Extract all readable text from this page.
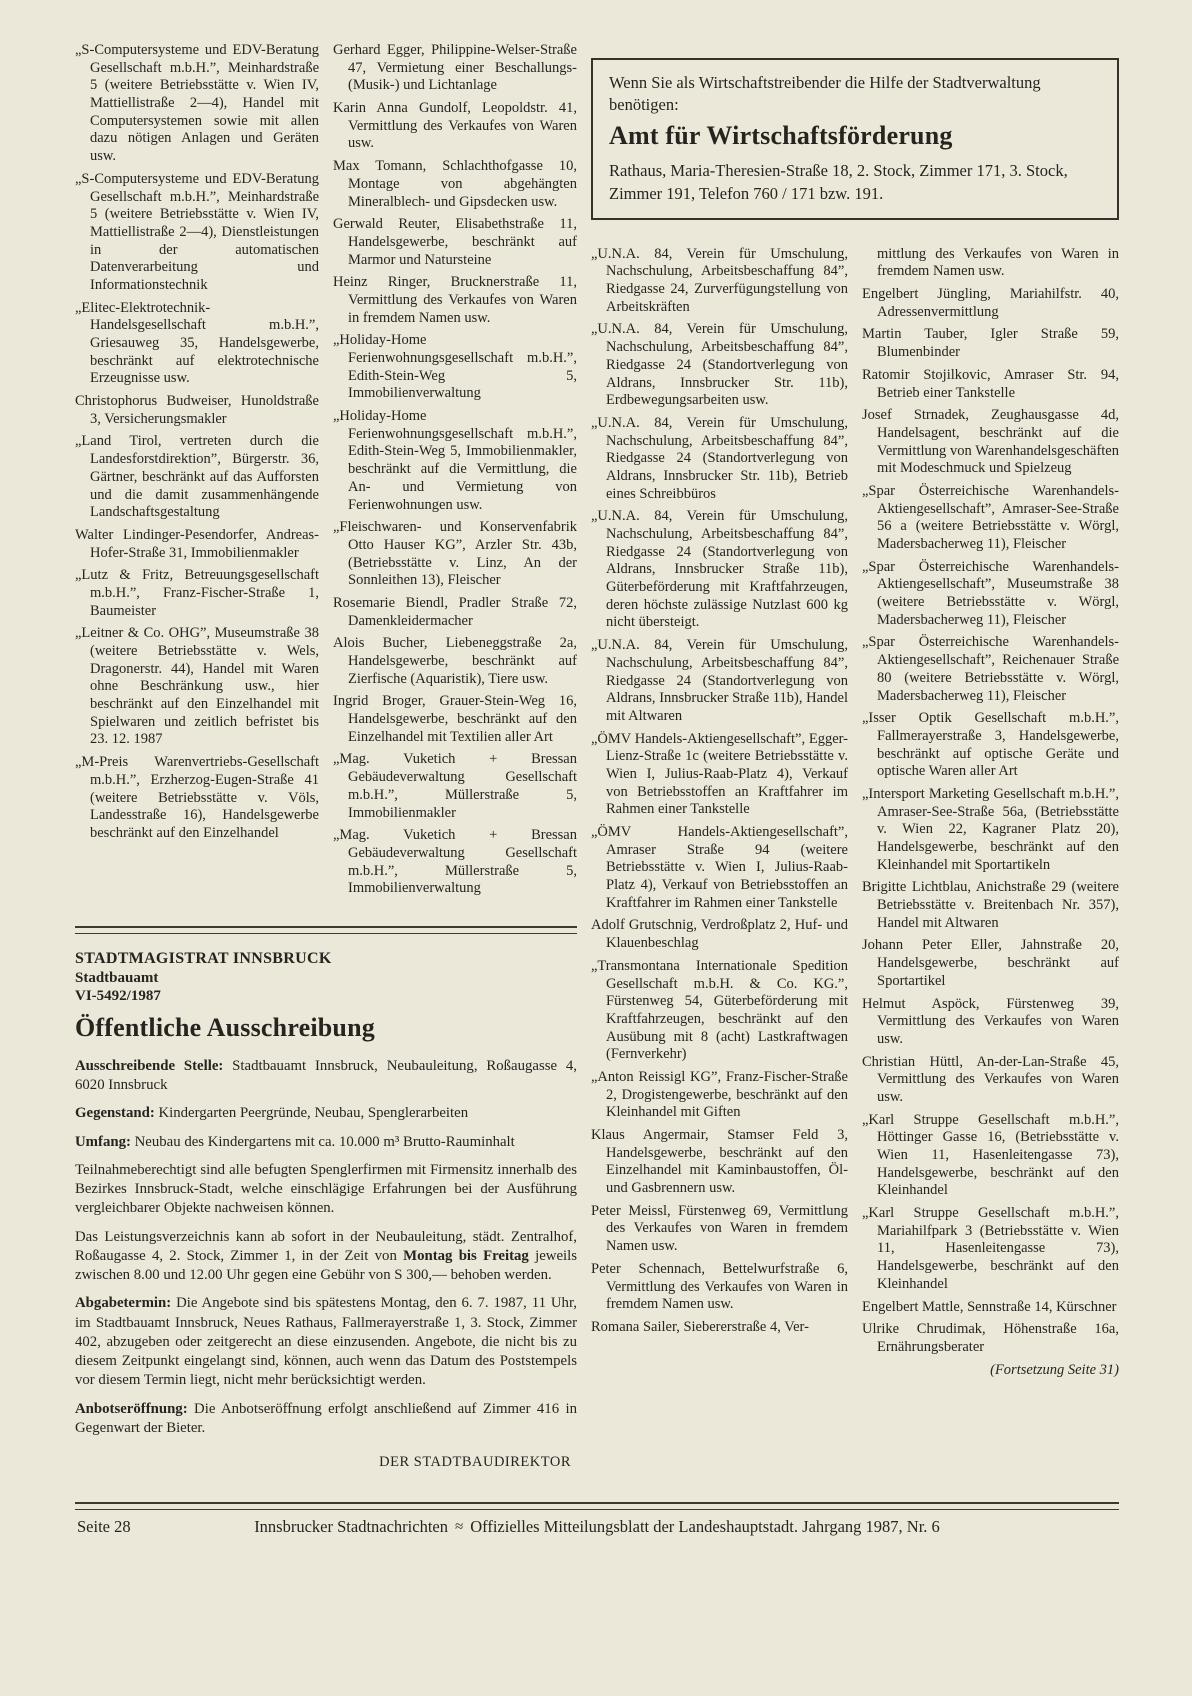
„S-Computersysteme und EDV-Beratung Gesellschaft m.b.H.”, Meinhardstraße 5 (weitere Betriebsstätte v. Wien IV, Mattiellistraße 2—4), Handel mit Computersystemen sowie mit allen dazu nötigen Anlagen und Geräten usw.

„S-Computersysteme und EDV-Beratung Gesellschaft m.b.H.”, Meinhardstraße 5 (weitere Betriebsstätte v. Wien IV, Mattiellistraße 2—4), Dienstleistungen in der automatischen Datenverarbeitung und Informationstechnik

„Elitec-Elektrotechnik-Handelsgesellschaft m.b.H.”, Griesauweg 35, Handelsgewerbe, beschränkt auf elektrotechnische Erzeugnisse usw.

Christophorus Budweiser, Hunoldstraße 3, Versicherungsmakler

„Land Tirol, vertreten durch die Landesforstdirektion”, Bürgerstr. 36, Gärtner, beschränkt auf das Aufforsten und die damit zusammenhängende Landschaftsgestaltung

Walter Lindinger-Pesendorfer, Andreas-Hofer-Straße 31, Immobilienmakler

„Lutz & Fritz, Betreuungsgesellschaft m.b.H.”, Franz-Fischer-Straße 1, Baumeister

„Leitner & Co. OHG”, Museumstraße 38 (weitere Betriebsstätte v. Wels, Dragonerstr. 44), Handel mit Waren ohne Beschränkung usw., hier beschränkt auf den Einzelhandel mit Spielwaren und zeitlich befristet bis 23. 12. 1987

„M-Preis Warenvertriebs-Gesellschaft m.b.H.”, Erzherzog-Eugen-Straße 41 (weitere Betriebsstätte v. Völs, Landesstraße 16), Handelsgewerbe beschränkt auf den Einzelhandel

Gerhard Egger, Philippine-Welser-Straße 47, Vermietung einer Beschallungs- (Musik-) und Lichtanlage

Karin Anna Gundolf, Leopoldstr. 41, Vermittlung des Verkaufes von Waren usw.

Max Tomann, Schlachthofgasse 10, Montage von abgehängten Mineralblech- und Gipsdecken usw.

Gerwald Reuter, Elisabethstraße 11, Handelsgewerbe, beschränkt auf Marmor und Natursteine

Heinz Ringer, Brucknerstraße 11, Vermittlung des Verkaufes von Waren in fremdem Namen usw.

„Holiday-Home Ferienwohnungsgesellschaft m.b.H.”, Edith-Stein-Weg 5, Immobilienverwaltung

„Holiday-Home Ferienwohnungsgesellschaft m.b.H.”, Edith-Stein-Weg 5, Immobilienmakler, beschränkt auf die Vermittlung, die An- und Vermietung von Ferienwohnungen usw.

„Fleischwaren- und Konservenfabrik Otto Hauser KG”, Arzler Str. 43b, (Betriebsstätte v. Linz, An der Sonnleithen 13), Fleischer

Rosemarie Biendl, Pradler Straße 72, Damenkleidermacher

Alois Bucher, Liebeneggstraße 2a, Handelsgewerbe, beschränkt auf Zierfische (Aquaristik), Tiere usw.

Ingrid Broger, Grauer-Stein-Weg 16, Handelsgewerbe, beschränkt auf den Einzelhandel mit Textilien aller Art

„Mag. Vuketich + Bressan Gebäudeverwaltung Gesellschaft m.b.H.”, Müllerstraße 5, Immobilienmakler

„Mag. Vuketich + Bressan Gebäudeverwaltung Gesellschaft m.b.H.”, Müllerstraße 5, Immobilienverwaltung

STADTMAGISTRAT INNSBRUCK

Stadtbauamt

VI-5492/1987

Öffentliche Ausschreibung

Ausschreibende Stelle: Stadtbauamt Innsbruck, Neubauleitung, Roßaugasse 4, 6020 Innsbruck

Gegenstand: Kindergarten Peergründe, Neubau, Spenglerarbeiten

Umfang: Neubau des Kindergartens mit ca. 10.000 m³ Brutto-Rauminhalt

Teilnahmeberechtigt sind alle befugten Spenglerfirmen mit Firmensitz innerhalb des Bezirkes Innsbruck-Stadt, welche einschlägige Erfahrungen bei der Ausführung vergleichbarer Objekte nachweisen können.

Das Leistungsverzeichnis kann ab sofort in der Neubauleitung, städt. Zentralhof, Roßaugasse 4, 2. Stock, Zimmer 1, in der Zeit von Montag bis Freitag jeweils zwischen 8.00 und 12.00 Uhr gegen eine Gebühr von S 300,— behoben werden.

Abgabetermin: Die Angebote sind bis spätestens Montag, den 6. 7. 1987, 11 Uhr, im Stadtbauamt Innsbruck, Neues Rathaus, Fallmerayerstraße 1, 3. Stock, Zimmer 402, abzugeben oder zeitgerecht an diese einzusenden. Angebote, die nicht bis zu diesem Zeitpunkt eingelangt sind, können, auch wenn das Datum des Poststempels vor diesem Termin liegt, nicht mehr berücksichtigt werden.

Anbotseröffnung: Die Anbotseröffnung erfolgt anschließend auf Zimmer 416 in Gegenwart der Bieter.

DER STADTBAUDIREKTOR

Wenn Sie als Wirtschaftstreibender die Hilfe der Stadtverwaltung benötigen:

Amt für Wirtschaftsförderung

Rathaus, Maria-Theresien-Straße 18, 2. Stock, Zimmer 171, 3. Stock, Zimmer 191, Telefon 760 / 171 bzw. 191.

„U.N.A. 84, Verein für Umschulung, Nachschulung, Arbeitsbeschaffung 84”, Riedgasse 24, Zurverfügungstellung von Arbeitskräften

„U.N.A. 84, Verein für Umschulung, Nachschulung, Arbeitsbeschaffung 84”, Riedgasse 24 (Standortverlegung von Aldrans, Innsbrucker Str. 11b), Erdbewegungsarbeiten usw.

„U.N.A. 84, Verein für Umschulung, Nachschulung, Arbeitsbeschaffung 84”, Riedgasse 24 (Standortverlegung von Aldrans, Innsbrucker Str. 11b), Betrieb eines Schreibbüros

„U.N.A. 84, Verein für Umschulung, Nachschulung, Arbeitsbeschaffung 84”, Riedgasse 24 (Standortverlegung von Aldrans, Innsbrucker Straße 11b), Güterbeförderung mit Kraftfahrzeugen, deren höchste zulässige Nutzlast 600 kg nicht übersteigt.

„U.N.A. 84, Verein für Umschulung, Nachschulung, Arbeitsbeschaffung 84”, Riedgasse 24 (Standortverlegung von Aldrans, Innsbrucker Straße 11b), Handel mit Altwaren

„ÖMV Handels-Aktiengesellschaft”, Egger-Lienz-Straße 1c (weitere Betriebsstätte v. Wien I, Julius-Raab-Platz 4), Verkauf von Betriebsstoffen an Kraftfahrer im Rahmen einer Tankstelle

„ÖMV Handels-Aktiengesellschaft”, Amraser Straße 94 (weitere Betriebsstätte v. Wien I, Julius-Raab-Platz 4), Verkauf von Betriebsstoffen an Kraftfahrer im Rahmen einer Tankstelle

Adolf Grutschnig, Verdroßplatz 2, Huf- und Klauenbeschlag

„Transmontana Internationale Spedition Gesellschaft m.b.H. & Co. KG.”, Fürstenweg 54, Güterbeförderung mit Kraftfahrzeugen, beschränkt auf den Ausübung mit 8 (acht) Lastkraftwagen (Fernverkehr)

„Anton Reissigl KG”, Franz-Fischer-Straße 2, Drogistengewerbe, beschränkt auf den Kleinhandel mit Giften

Klaus Angermair, Stamser Feld 3, Handelsgewerbe, beschränkt auf den Einzelhandel mit Kaminbaustoffen, Öl- und Gasbrennern usw.

Peter Meissl, Fürstenweg 69, Vermittlung des Verkaufes von Waren in fremdem Namen usw.

Peter Schennach, Bettelwurfstraße 6, Vermittlung des Verkaufes von Waren in fremdem Namen usw.

Romana Sailer, Siebererstraße 4, Ver-

mittlung des Verkaufes von Waren in fremdem Namen usw.

Engelbert Jüngling, Mariahilfstr. 40, Adressenvermittlung

Martin Tauber, Igler Straße 59, Blumenbinder

Ratomir Stojilkovic, Amraser Str. 94, Betrieb einer Tankstelle

Josef Strnadek, Zeughausgasse 4d, Handelsagent, beschränkt auf die Vermittlung von Warenhandelsgeschäften mit Modeschmuck und Spielzeug

„Spar Österreichische Warenhandels-Aktiengesellschaft”, Amraser-See-Straße 56 a (weitere Betriebsstätte v. Wörgl, Madersbacherweg 11), Fleischer

„Spar Österreichische Warenhandels-Aktiengesellschaft”, Museumstraße 38 (weitere Betriebsstätte v. Wörgl, Madersbacherweg 11), Fleischer

„Spar Österreichische Warenhandels-Aktiengesellschaft”, Reichenauer Straße 80 (weitere Betriebsstätte v. Wörgl, Madersbacherweg 11), Fleischer

„Isser Optik Gesellschaft m.b.H.”, Fallmerayerstraße 3, Handelsgewerbe, beschränkt auf optische Geräte und optische Waren aller Art

„Intersport Marketing Gesellschaft m.b.H.”, Amraser-See-Straße 56a, (Betriebsstätte v. Wien 22, Kagraner Platz 20), Handelsgewerbe, beschränkt auf den Kleinhandel mit Sportartikeln

Brigitte Lichtblau, Anichstraße 29 (weitere Betriebsstätte v. Breitenbach Nr. 357), Handel mit Altwaren

Johann Peter Eller, Jahnstraße 20, Handelsgewerbe, beschränkt auf Sportartikel

Helmut Aspöck, Fürstenweg 39, Vermittlung des Verkaufes von Waren usw.

Christian Hüttl, An-der-Lan-Straße 45, Vermittlung des Verkaufes von Waren usw.

„Karl Struppe Gesellschaft m.b.H.”, Höttinger Gasse 16, (Betriebsstätte v. Wien 11, Hasenleitengasse 73), Handelsgewerbe, beschränkt auf den Kleinhandel

„Karl Struppe Gesellschaft m.b.H.”, Mariahilfpark 3 (Betriebsstätte v. Wien 11, Hasenleitengasse 73), Handelsgewerbe, beschränkt auf den Kleinhandel

Engelbert Mattle, Sennstraße 14, Kürschner

Ulrike Chrudimak, Höhenstraße 16a, Ernährungsberater

(Fortsetzung Seite 31)

Seite 28	Innsbrucker Stadtnachrichten ≈ Offizielles Mitteilungsblatt der Landeshauptstadt. Jahrgang 1987, Nr. 6
